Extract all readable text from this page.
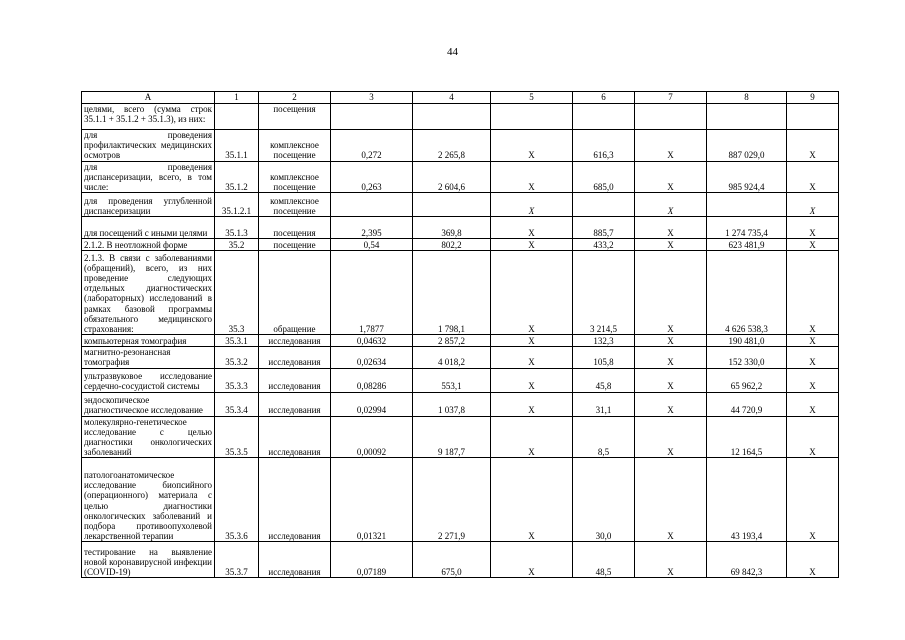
44
А	1	2	3	4	5	6	7	8	9
целями, всего (сумма строк 35.1.1 + 35.1.2 + 35.1.3), из них:		посещения							
для проведения профилактических медицинских осмотров	35.1.1	комплексное посещение	0,272	2 265,8	Х	616,3	Х	887 029,0	Х
для проведения диспансеризации, всего, в том числе:	35.1.2	комплексное посещение	0,263	2 604,6	Х	685,0	Х	985 924,4	Х
для проведения углубленной диспансеризации	35.1.2.1	комплексное посещение			Х		Х		Х
для посещений с иными целями	35.1.3	посещения	2,395	369,8	Х	885,7	Х	1 274 735,4	Х
2.1.2. В неотложной форме	35.2	посещение	0,54	802,2	Х	433,2	Х	623 481,9	Х
2.1.3. В связи с заболеваниями (обращений), всего, из них проведение следующих отдельных диагностических (лабораторных) исследований в рамках базовой программы обязательного медицинского страхования:	35.3	обращение	1,7877	1 798,1	Х	3 214,5	Х	4 626 538,3	Х
компьютерная томография	35.3.1	исследования	0,04632	2 857,2	Х	132,3	Х	190 481,0	Х
магнитно-резонансная томография	35.3.2	исследования	0,02634	4 018,2	Х	105,8	Х	152 330,0	Х
ультразвуковое исследование сердечно-сосудистой системы	35.3.3	исследования	0,08286	553,1	Х	45,8	Х	65 962,2	Х
эндоскопическое диагностическое исследование	35.3.4	исследования	0,02994	1 037,8	Х	31,1	Х	44 720,9	Х
молекулярно-генетическое исследование с целью диагностики онкологических заболеваний	35.3.5	исследования	0,00092	9 187,7	Х	8,5	Х	12 164,5	Х
патологоанатомическое исследование биопсийного (операционного) материала с целью диагностики онкологических заболеваний и подбора противоопухолевой лекарственной терапии	35.3.6	исследования	0,01321	2 271,9	Х	30,0	Х	43 193,4	Х
тестирование на выявление новой коронавирусной инфекции (COVID-19)	35.3.7	исследования	0,07189	675,0	Х	48,5	Х	69 842,3	Х
